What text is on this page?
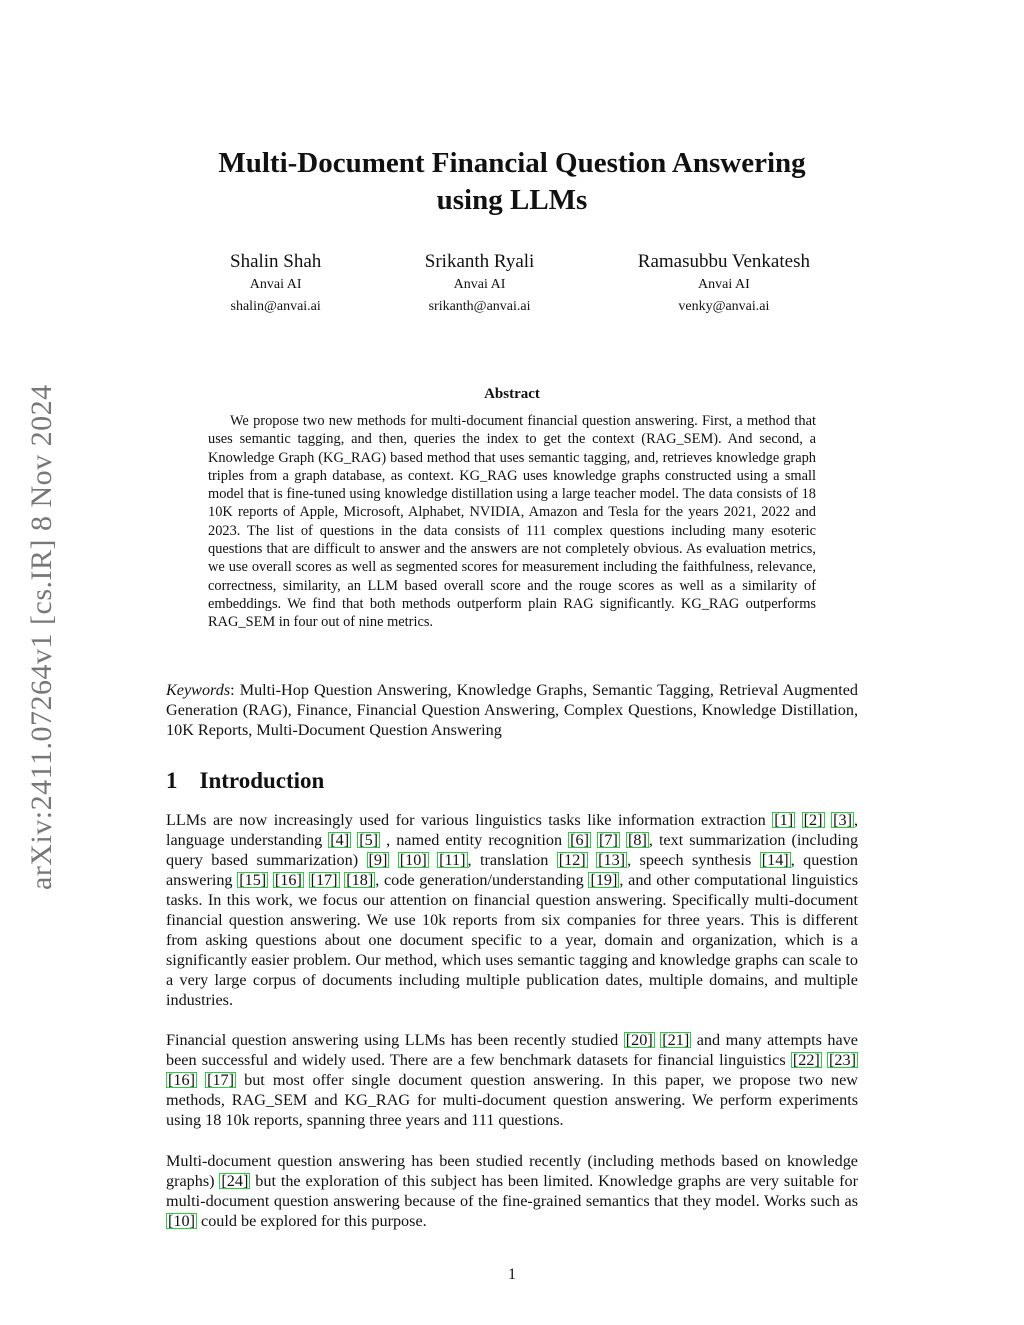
arXiv:2411.07264v1 [cs.IR] 8 Nov 2024
Multi-Document Financial Question Answering
using LLMs
Shalin Shah
Anvai AI
shalin@anvai.ai
Srikanth Ryali
Anvai AI
srikanth@anvai.ai
Ramasubbu Venkatesh
Anvai AI
venky@anvai.ai
Abstract
We propose two new methods for multi-document financial question answering. First, a method that uses semantic tagging, and then, queries the index to get the context (RAG_SEM). And second, a Knowledge Graph (KG_RAG) based method that uses semantic tagging, and, retrieves knowledge graph triples from a graph database, as context. KG_RAG uses knowledge graphs constructed using a small model that is fine-tuned using knowledge distillation using a large teacher model. The data consists of 18 10K reports of Apple, Microsoft, Alphabet, NVIDIA, Amazon and Tesla for the years 2021, 2022 and 2023. The list of questions in the data consists of 111 complex questions including many esoteric questions that are difficult to answer and the answers are not completely obvious. As evaluation metrics, we use overall scores as well as segmented scores for measurement including the faithfulness, relevance, correctness, similarity, an LLM based overall score and the rouge scores as well as a similarity of embeddings. We find that both methods outperform plain RAG significantly. KG_RAG outperforms RAG_SEM in four out of nine metrics.
Keywords: Multi-Hop Question Answering, Knowledge Graphs, Semantic Tagging, Retrieval Augmented Generation (RAG), Finance, Financial Question Answering, Complex Questions, Knowledge Distillation, 10K Reports, Multi-Document Question Answering
1 Introduction
LLMs are now increasingly used for various linguistics tasks like information extraction [1] [2] [3] , language understanding [4] [5] , named entity recognition [6] [7] [8] , text summarization (including query based summarization) [9] [10] [11] , translation [12] [13] , speech synthesis [14] , question answering [15] [16] [17] [18] , code generation/understanding [19] , and other computational linguistics tasks. In this work, we focus our attention on financial question answering. Specifically multi-document financial question answering. We use 10k reports from six companies for three years. This is different from asking questions about one document specific to a year, domain and organization, which is a significantly easier problem. Our method, which uses semantic tagging and knowledge graphs can scale to a very large corpus of documents including multiple publication dates, multiple domains, and multiple industries.
Financial question answering using LLMs has been recently studied [20] [21] and many attempts have been successful and widely used. There are a few benchmark datasets for financial linguistics [22] [23] [16] [17] but most offer single document question answering. In this paper, we propose two new methods, RAG_SEM and KG_RAG for multi-document question answering. We perform experiments using 18 10k reports, spanning three years and 111 questions.
Multi-document question answering has been studied recently (including methods based on knowledge graphs) [24] but the exploration of this subject has been limited. Knowledge graphs are very suitable for multi-document question answering because of the fine-grained semantics that they model. Works such as [10] could be explored for this purpose.
1
